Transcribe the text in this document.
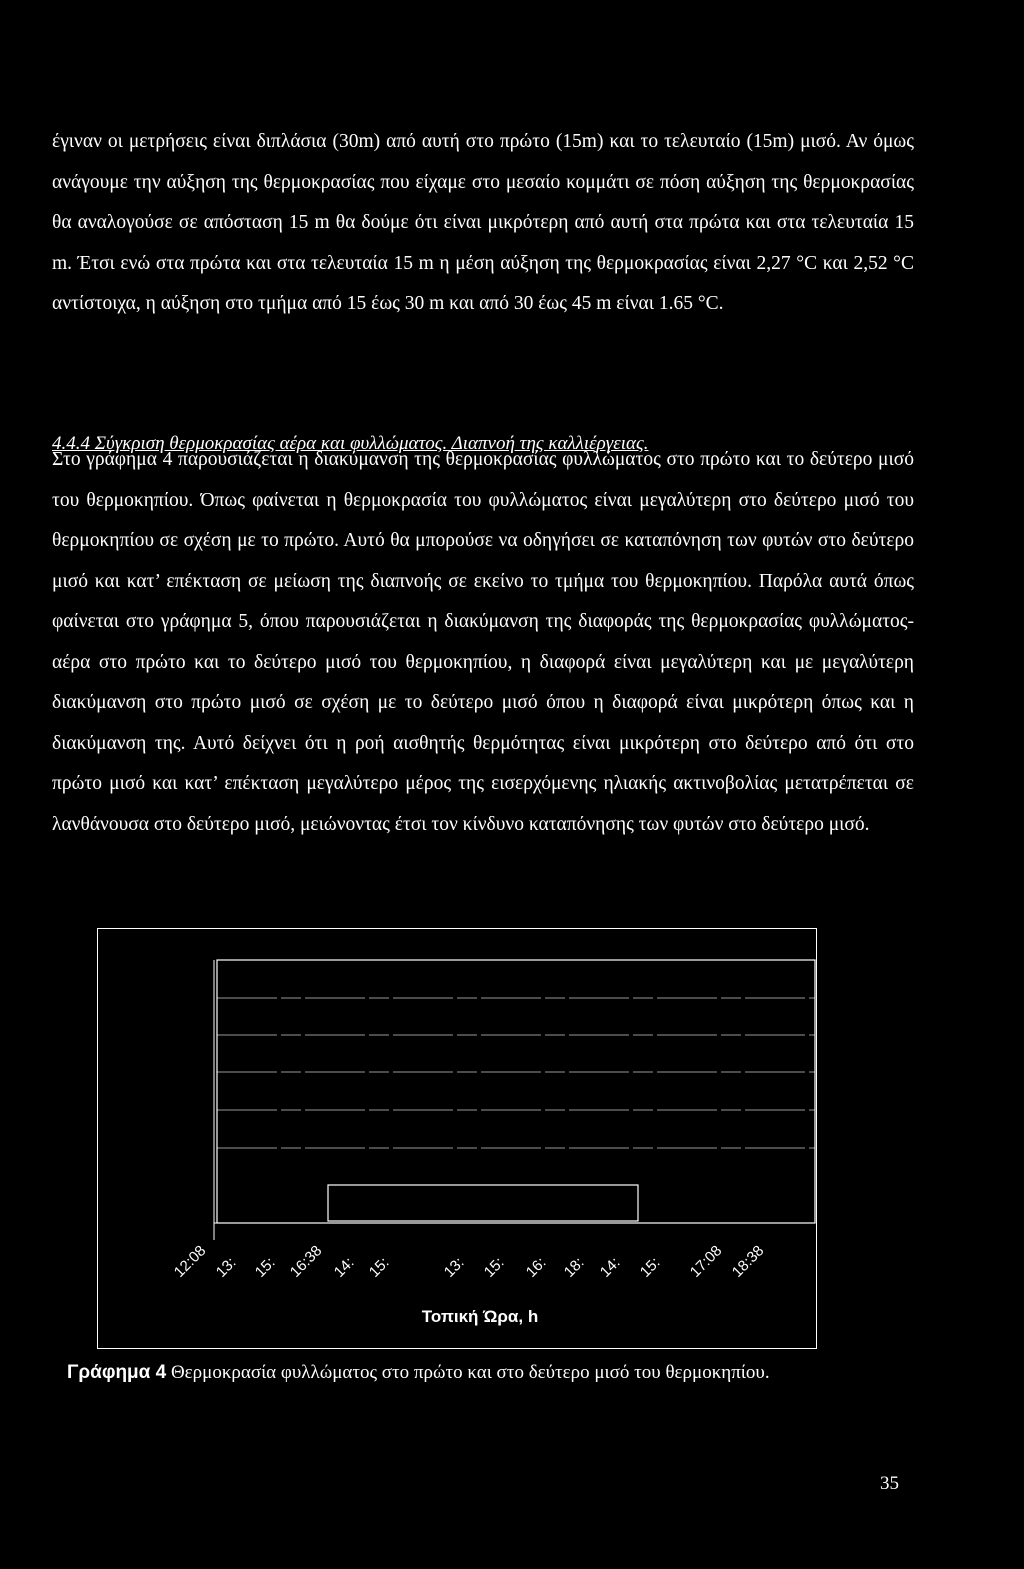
έγιναν οι μετρήσεις είναι διπλάσια (30m) από αυτή στο πρώτο (15m) και το τελευταίο (15m) μισό. Αν όμως ανάγουμε την αύξηση της θερμοκρασίας που είχαμε στο μεσαίο κομμάτι σε πόση αύξηση της θερμοκρασίας θα αναλογούσε σε απόσταση 15 m θα δούμε ότι είναι μικρότερη από αυτή στα πρώτα και στα τελευταία 15 m. Έτσι ενώ στα πρώτα και στα τελευταία 15 m η μέση αύξηση της θερμοκρασίας είναι 2,27 °C και 2,52 °C αντίστοιχα, η αύξηση στο τμήμα από 15 έως 30 m και από 30 έως 45 m είναι 1.65 °C.

4.4.4 Σύγκριση θερμοκρασίας αέρα και φυλλώματος. Διαπνοή της καλλιέργειας.

Στο γράφημα 4 παρουσιάζεται η διακύμανση της θερμοκρασίας φυλλώματος στο πρώτο και το δεύτερο μισό του θερμοκηπίου. Όπως φαίνεται η θερμοκρασία του φυλλώματος είναι μεγαλύτερη στο δεύτερο μισό του θερμοκηπίου σε σχέση με το πρώτο. Αυτό θα μπορούσε να οδηγήσει σε καταπόνηση των φυτών στο δεύτερο μισό και κατ’ επέκταση σε μείωση της διαπνοής σε εκείνο το τμήμα του θερμοκηπίου. Παρόλα αυτά όπως φαίνεται στο γράφημα 5, όπου παρουσιάζεται η διακύμανση της διαφοράς της θερμοκρασίας φυλλώματος-αέρα στο πρώτο και το δεύτερο μισό του θερμοκηπίου, η διαφορά είναι μεγαλύτερη και με μεγαλύτερη διακύμανση στο πρώτο μισό σε σχέση με το δεύτερο μισό όπου η διαφορά είναι μικρότερη όπως και η διακύμανση της. Αυτό δείχνει ότι η ροή αισθητής θερμότητας είναι μικρότερη στο δεύτερο από ότι στο πρώτο μισό και κατ’ επέκταση μεγαλύτερο μέρος της εισερχόμενης ηλιακής ακτινοβολίας μετατρέπεται σε λανθάνουσα στο δεύτερο μισό, μειώνοντας έτσι τον κίνδυνο καταπόνησης των φυτών στο δεύτερο μισό.

12:08 13: 15: 16:38 14: 15:	13: 15: 16: 18: 14: 15: 17:08 18:38
Τοπική Ώρα, h

Γράφημα 4 Θερμοκρασία φυλλώματος στο πρώτο και στο δεύτερο μισό του θερμοκηπίου.

35
